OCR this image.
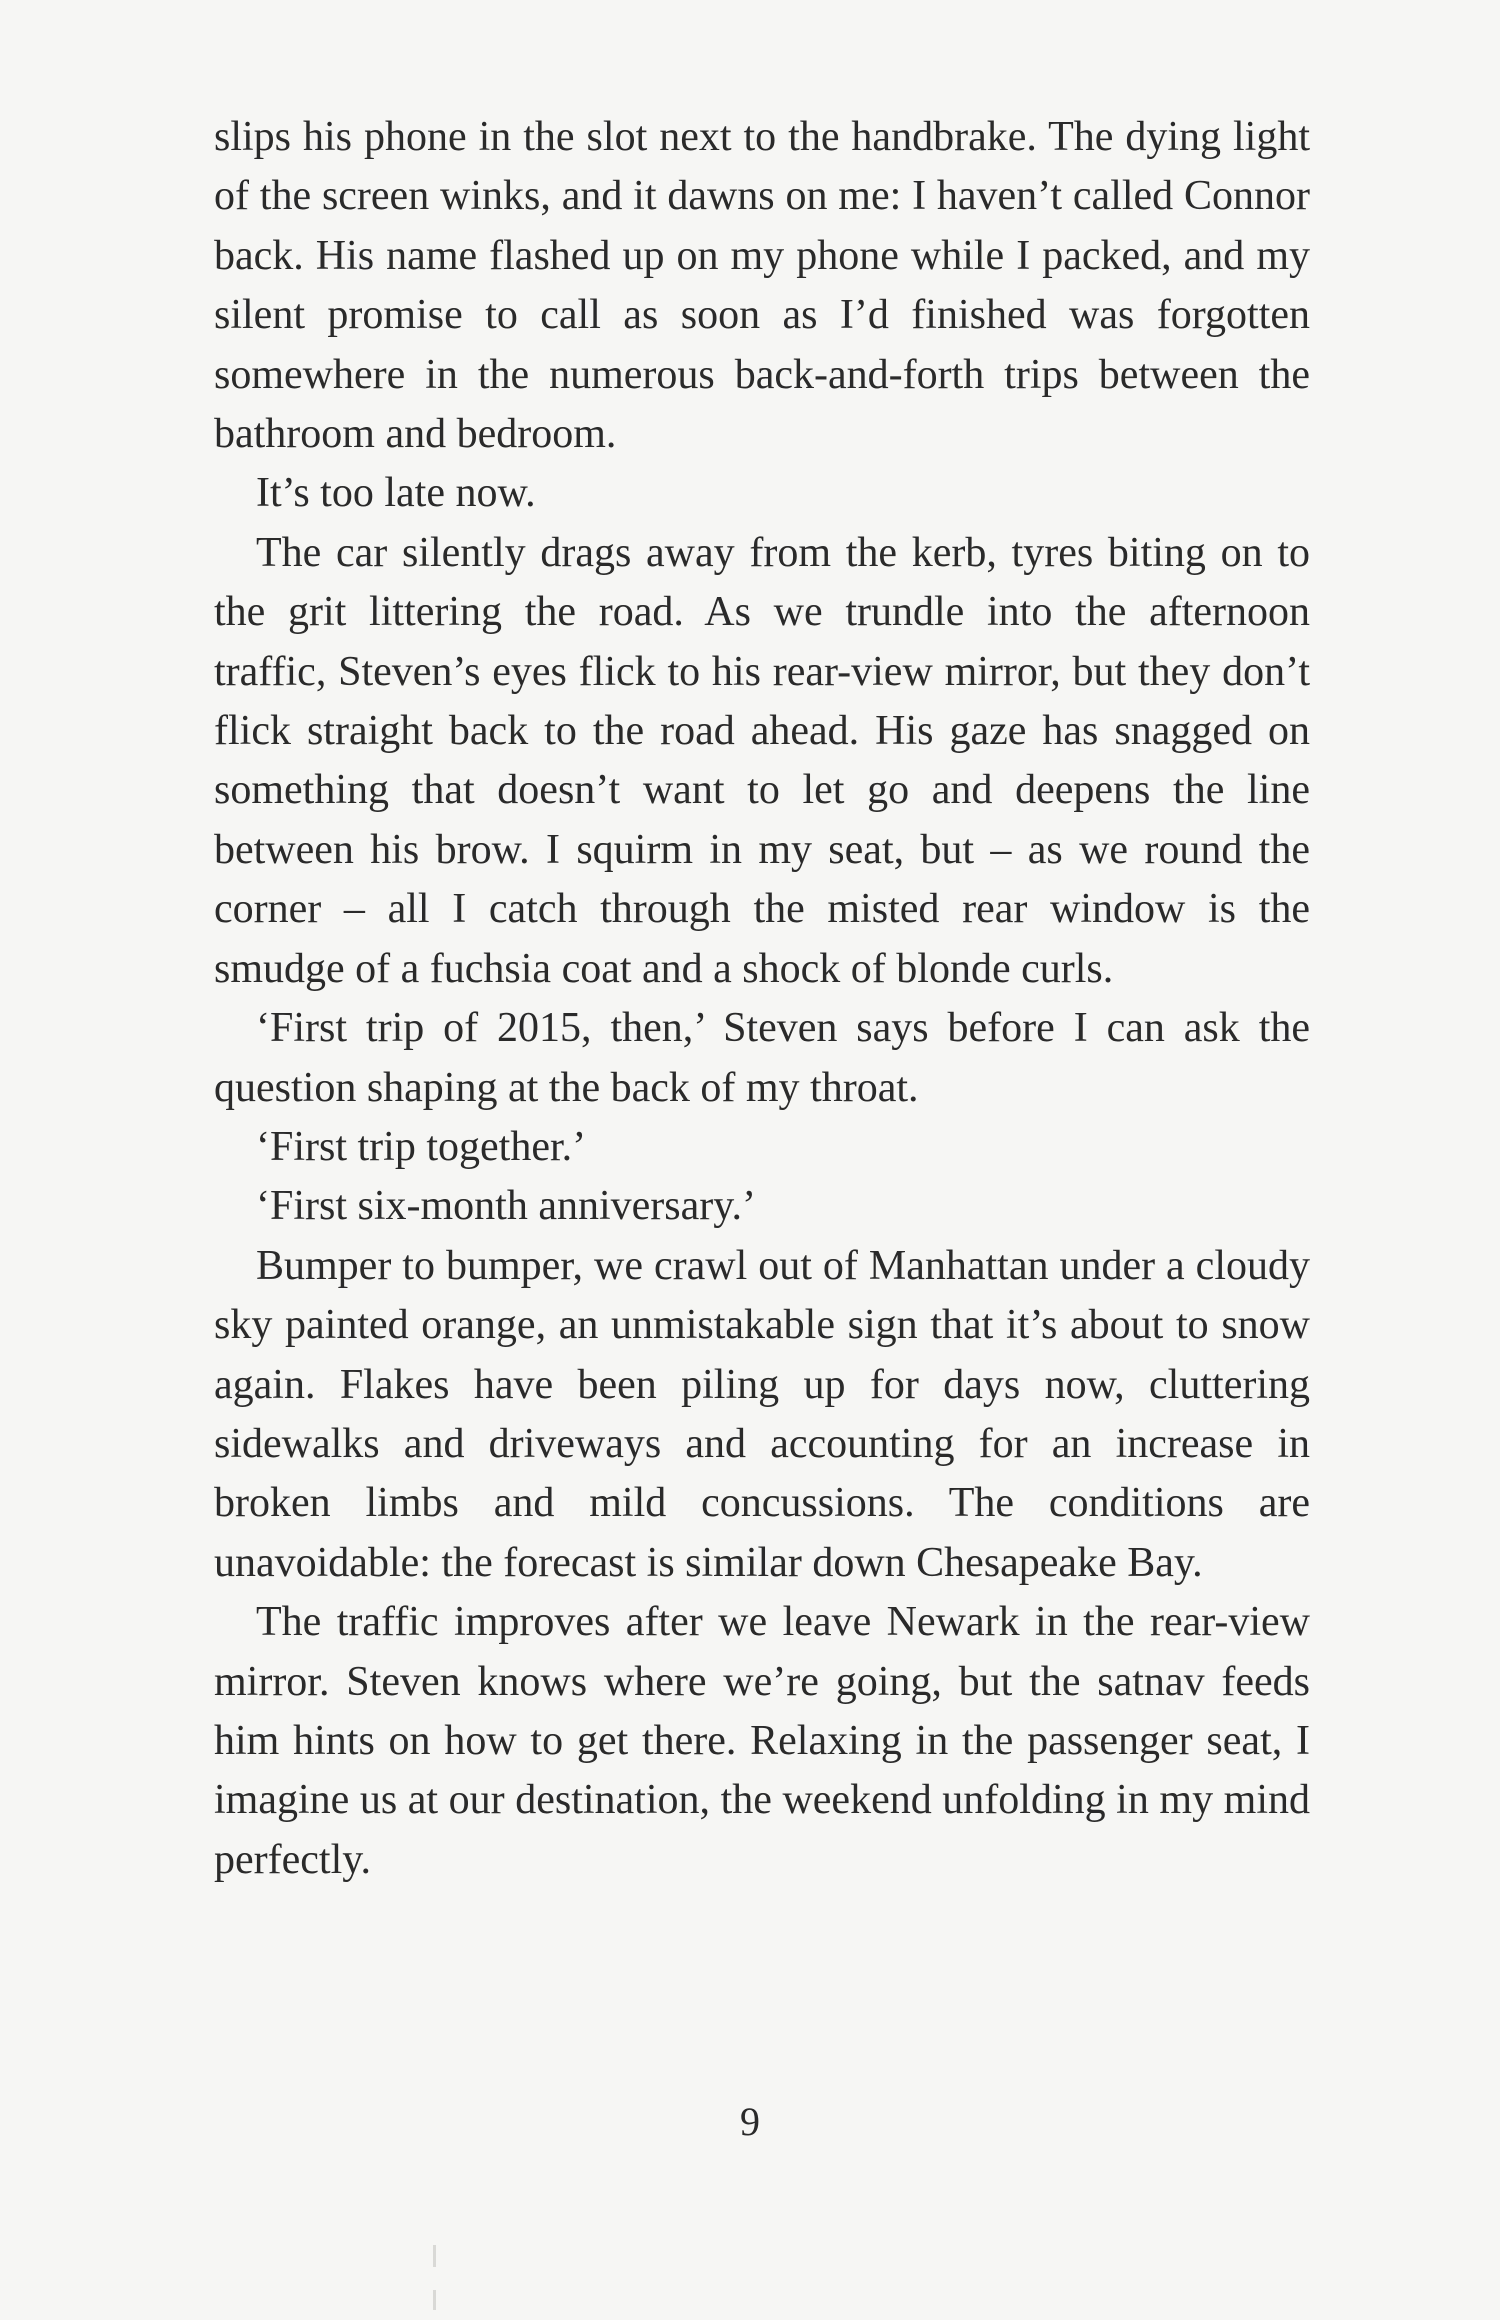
slips his phone in the slot next to the handbrake. The dying light of the screen winks, and it dawns on me: I haven’t called Connor back. His name flashed up on my phone while I packed, and my silent promise to call as soon as I’d finished was forgotten somewhere in the numerous back-and-forth trips between the bathroom and bedroom.

It’s too late now.

The car silently drags away from the kerb, tyres biting on to the grit littering the road. As we trundle into the afternoon traffic, Steven’s eyes flick to his rear-view mirror, but they don’t flick straight back to the road ahead. His gaze has snagged on something that doesn’t want to let go and deepens the line between his brow. I squirm in my seat, but – as we round the corner – all I catch through the misted rear window is the smudge of a fuchsia coat and a shock of blonde curls.

‘First trip of 2015, then,’ Steven says before I can ask the question shaping at the back of my throat.

‘First trip together.’

‘First six-month anniversary.’

Bumper to bumper, we crawl out of Manhattan under a cloudy sky painted orange, an unmistakable sign that it’s about to snow again. Flakes have been piling up for days now, cluttering sidewalks and driveways and accounting for an increase in broken limbs and mild concussions. The conditions are unavoidable: the forecast is similar down Chesapeake Bay.

The traffic improves after we leave Newark in the rear-view mirror. Steven knows where we’re going, but the satnav feeds him hints on how to get there. Relaxing in the passenger seat, I imagine us at our destination, the weekend unfolding in my mind perfectly.

9
